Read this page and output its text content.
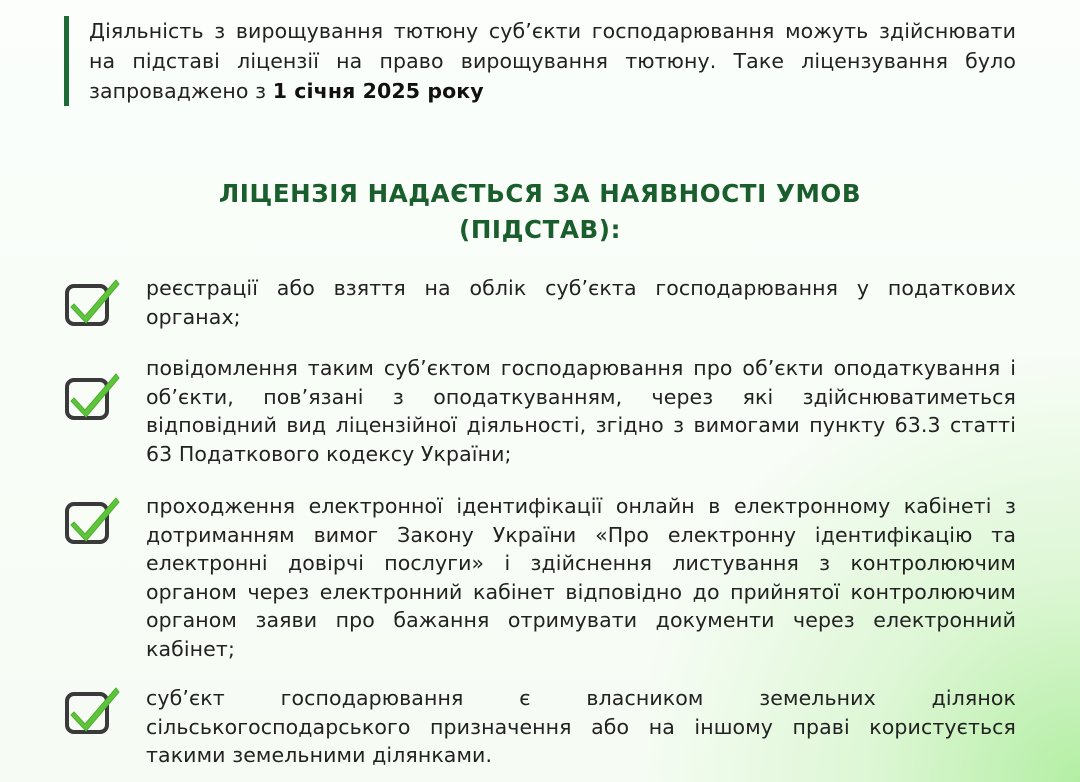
Діяльність з вирощування тютюну суб’єкти господарювання можуть здійснювати на підставі ліцензії на право вирощування тютюну. Таке ліцензування було запроваджено з 1 січня 2025 року

ЛІЦЕНЗІЯ НАДАЄТЬСЯ ЗА НАЯВНОСТІ УМОВ
(ПІДСТАВ):

реєстрації або взяття на облік суб’єкта господарювання у податкових органах;

повідомлення таким суб’єктом господарювання про об’єкти оподаткування і об’єкти, пов’язані з оподаткуванням, через які здійснюватиметься відповідний вид ліцензійної діяльності, згідно з вимогами пункту 63.3 статті 63 Податкового кодексу України;

проходження електронної ідентифікації онлайн в електронному кабінеті з дотриманням вимог Закону України «Про електронну ідентифікацію та електронні довірчі послуги» і здійснення листування з контролюючим органом через електронний кабінет відповідно до прийнятої контролюючим органом заяви про бажання отримувати документи через електронний кабінет;

суб’єкт господарювання є власником земельних ділянок сільськогосподарського призначення або на іншому праві користується такими земельними ділянками.
